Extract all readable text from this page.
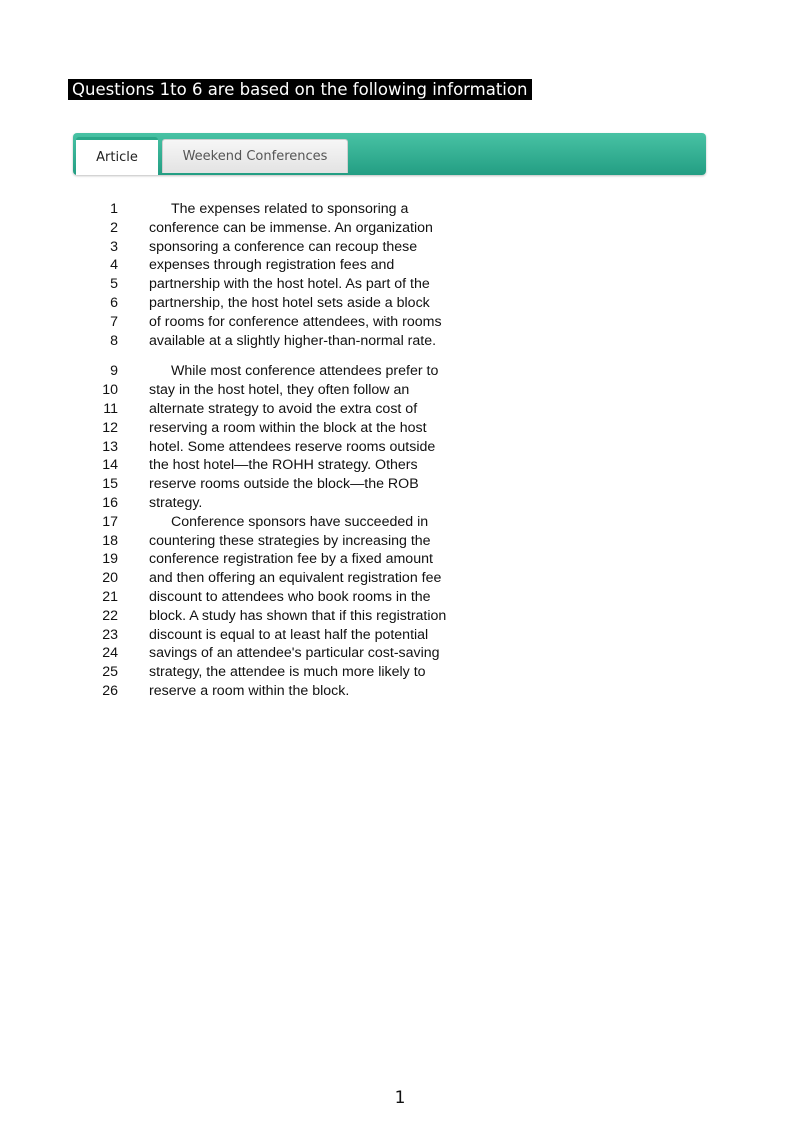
Questions 1to 6 are based on the following information
Article	Weekend Conferences
1	The expenses related to sponsoring a
2 conference can be immense. An organization
3 sponsoring a conference can recoup these
4 expenses through registration fees and
5 partnership with the host hotel. As part of the
6 partnership, the host hotel sets aside a block
7 of rooms for conference attendees, with rooms
8 available at a slightly higher-than-normal rate.
9	While most conference attendees prefer to
10 stay in the host hotel, they often follow an
11 alternate strategy to avoid the extra cost of
12 reserving a room within the block at the host
13 hotel. Some attendees reserve rooms outside
14 the host hotel—the ROHH strategy. Others
15 reserve rooms outside the block—the ROB
16 strategy.
17	Conference sponsors have succeeded in
18 countering these strategies by increasing the
19 conference registration fee by a fixed amount
20 and then offering an equivalent registration fee
21 discount to attendees who book rooms in the
22 block. A study has shown that if this registration
23 discount is equal to at least half the potential
24 savings of an attendee's particular cost-saving
25 strategy, the attendee is much more likely to
26 reserve a room within the block.
1
